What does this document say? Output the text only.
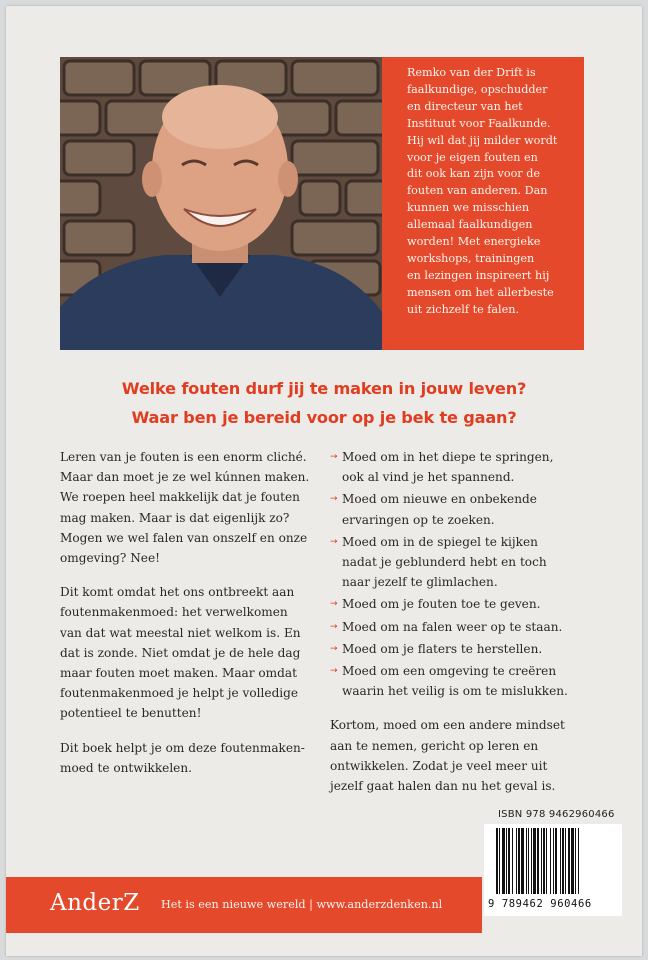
Remko van der Drift is
faalkundige, opschudder
en directeur van het
Instituut voor Faalkunde.
Hij wil dat jij milder wordt
voor je eigen fouten en
dit ook kan zijn voor de
fouten van anderen. Dan
kunnen we misschien
allemaal faalkundigen
worden! Met energieke
workshops, trainingen
en lezingen inspireert hij
mensen om het allerbeste
uit zichzelf te falen.

Welke fouten durf jij te maken in jouw leven?
Waar ben je bereid voor op je bek te gaan?

Leren van je fouten is een enorm cliché.
Maar dan moet je ze wel kúnnen maken.
We roepen heel makkelijk dat je fouten
mag maken. Maar is dat eigenlijk zo?
Mogen we wel falen van onszelf en onze
omgeving? Nee!

Dit komt omdat het ons ontbreekt aan
foutenmakenmoed: het verwelkomen
van dat wat meestal niet welkom is. En
dat is zonde. Niet omdat je de hele dag
maar fouten moet maken. Maar omdat
foutenmakenmoed je helpt je volledige
potentieel te benutten!

Dit boek helpt je om deze foutenmaken-
moed te ontwikkelen.

→ Moed om in het diepe te springen,
ook al vind je het spannend.
→ Moed om nieuwe en onbekende
ervaringen op te zoeken.
→ Moed om in de spiegel te kijken
nadat je geblunderd hebt en toch
naar jezelf te glimlachen.
→ Moed om je fouten toe te geven.
→ Moed om na falen weer op te staan.
→ Moed om je flaters te herstellen.
→ Moed om een omgeving te creëren
waarin het veilig is om te mislukken.

Kortom, moed om een andere mindset
aan te nemen, gericht op leren en
ontwikkelen. Zodat je veel meer uit
jezelf gaat halen dan nu het geval is.

ISBN 978 9462960466
9 789462 960466
AnderZ Het is een nieuwe wereld | www.anderzdenken.nl
